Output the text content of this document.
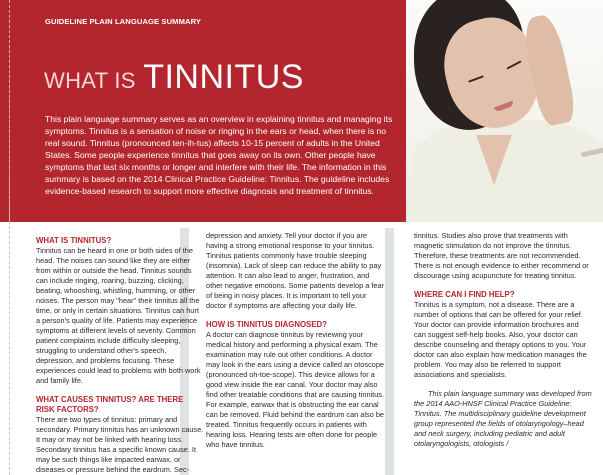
GUIDELINE PLAIN LANGUAGE SUMMARY
WHAT IS TINNITUS
This plain language summary serves as an overview in explaining tinnitus and managing its symptoms. Tinnitus is a sensation of noise or ringing in the ears or head, when there is no real sound. Tinnitus (pronounced ten-ih-tus) affects 10-15 percent of adults in the United States. Some people experience tinnitus that goes away on its own. Other people have symptoms that last six months or longer and interfere with their life. The information in this summary is based on the 2014 Clinical Practice Guideline: Tinnitus. The guideline includes evidence-based research to support more effective diagnosis and treatment of tinnitus.
WHAT IS TINNITUS?
Tinnitus can be heard in one or both sides of the head. The noises can sound like they are either from within or outside the head. Tinnitus sounds can include ringing, roaring, buzzing, clicking, beating, whooshing, whistling, humming, or other noises. The person may "hear" their tinnitus all the time, or only in certain situations. Tinnitus can hurt a person's quality of life. Patients may experience symptoms at different levels of severity. Common patient complaints include difficulty sleeping, struggling to understand other's speech, depression, and problems focusing. These experiences could lead to problems with both work and family life.
WHAT CAUSES TINNITUS? ARE THERE RISK FACTORS?
There are two types of tinnitus: primary and secondary. Primary tinnitus has an unknown cause. It may or may not be linked with hearing loss. Secondary tinnitus has a specific known cause. It may be such things like impacted earwax, or diseases or pressure behind the eardrum. Sec-
depression and anxiety. Tell your doctor if you are having a strong emotional response to your tinnitus. Tinnitus patients commonly have trouble sleeping (insomnia). Lack of sleep can reduce the ability to pay attention. It can also lead to anger, frustration, and other negative emotions. Some patients develop a fear of being in noisy places. It is important to tell your doctor if symptoms are affecting your daily life.
HOW IS TINNITUS DIAGNOSED?
A doctor can diagnose tinnitus by reviewing your medical history and performing a physical exam. The examination may rule out other conditions. A doctor may look in the ears using a device called an otoscope (pronounced oh-toe-scope). This device allows for a good view inside the ear canal. Your doctor may also find other treatable conditions that are causing tinnitus. For example, earwax that is obstructing the ear canal can be removed. Fluid behind the eardrum can also be treated. Tinnitus frequently occurs in patients with hearing loss. Hearing tests are often done for people who have tinnitus.
tinnitus. Studies also prove that treatments with magnetic stimulation do not improve the tinnitus. Therefore, these treatments are not recommended. There is not enough evidence to either recommend or discourage using acupuncture for treating tinnitus.
WHERE CAN I FIND HELP?
Tinnitus is a symptom, not a disease. There are a number of options that can be offered for your relief. Your doctor can provide information brochures and can suggest self-help books. Also, your doctor can describe counseling and therapy options to you. Your doctor can also explain how medication manages the problem. You may also be referred to support associations and specialists.
This plain language summary was developed from the 2014 AAO-HNSF Clinical Practice Guideline: Tinnitus. The multidisciplinary guideline development group represented the fields of otolaryngology–head and neck surgery, including pediatric and adult otolaryngologists, otologists /
